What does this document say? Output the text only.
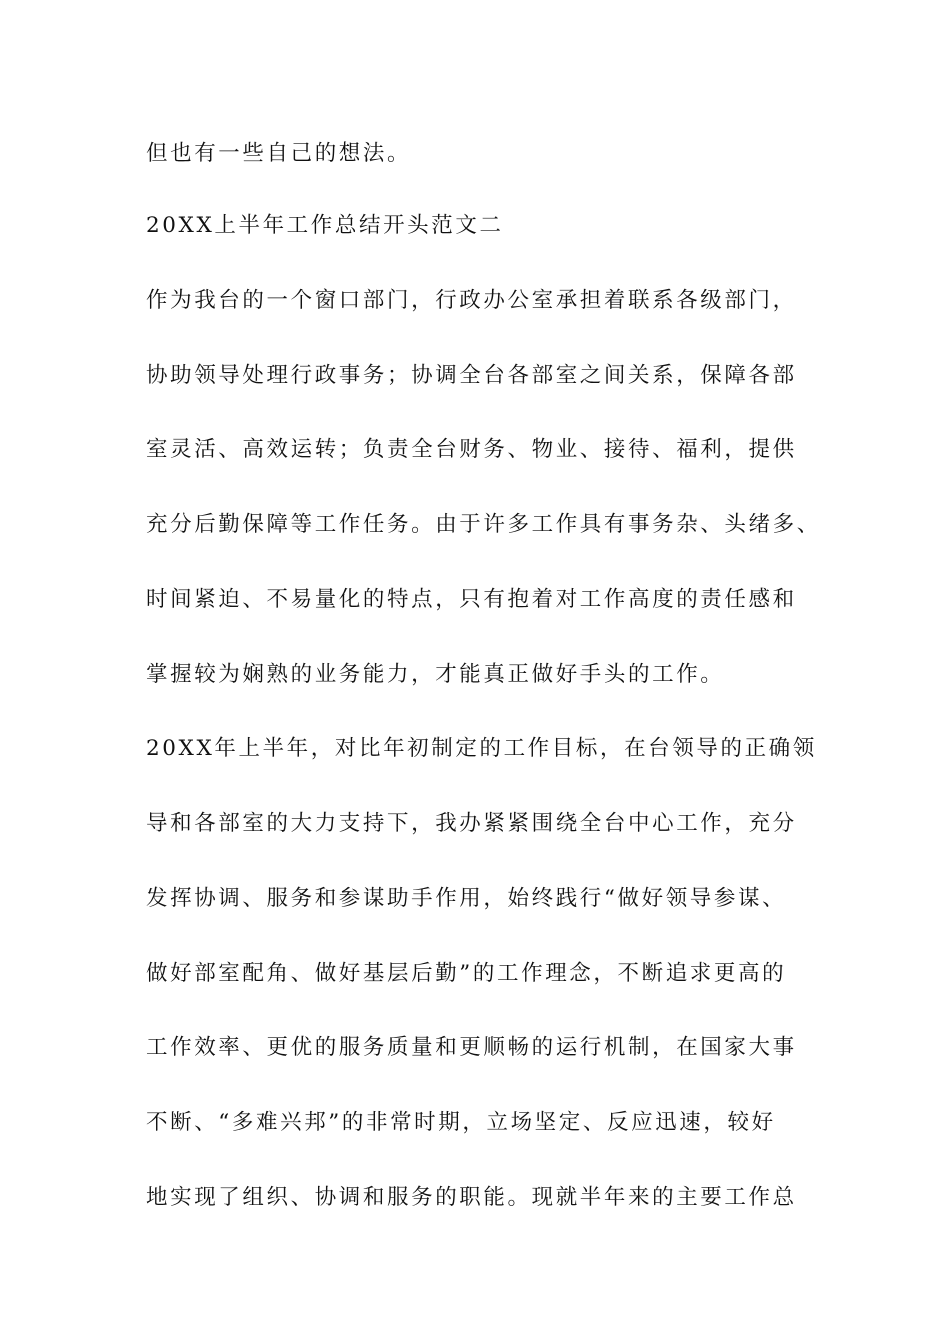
但也有一些自己的想法。
20XX上半年工作总结开头范文二
作为我台的一个窗口部门，行政办公室承担着联系各级部门，
协助领导处理行政事务；协调全台各部室之间关系，保障各部
室灵活、高效运转；负责全台财务、物业、接待、福利，提供
充分后勤保障等工作任务。由于许多工作具有事务杂、头绪多、
时间紧迫、不易量化的特点，只有抱着对工作高度的责任感和
掌握较为娴熟的业务能力，才能真正做好手头的工作。
20XX年上半年，对比年初制定的工作目标，在台领导的正确领
导和各部室的大力支持下，我办紧紧围绕全台中心工作，充分
发挥协调、服务和参谋助手作用，始终践行“做好领导参谋、
做好部室配角、做好基层后勤”的工作理念，不断追求更高的
工作效率、更优的服务质量和更顺畅的运行机制，在国家大事
不断、“多难兴邦”的非常时期，立场坚定、反应迅速，较好
地实现了组织、协调和服务的职能。现就半年来的主要工作总
